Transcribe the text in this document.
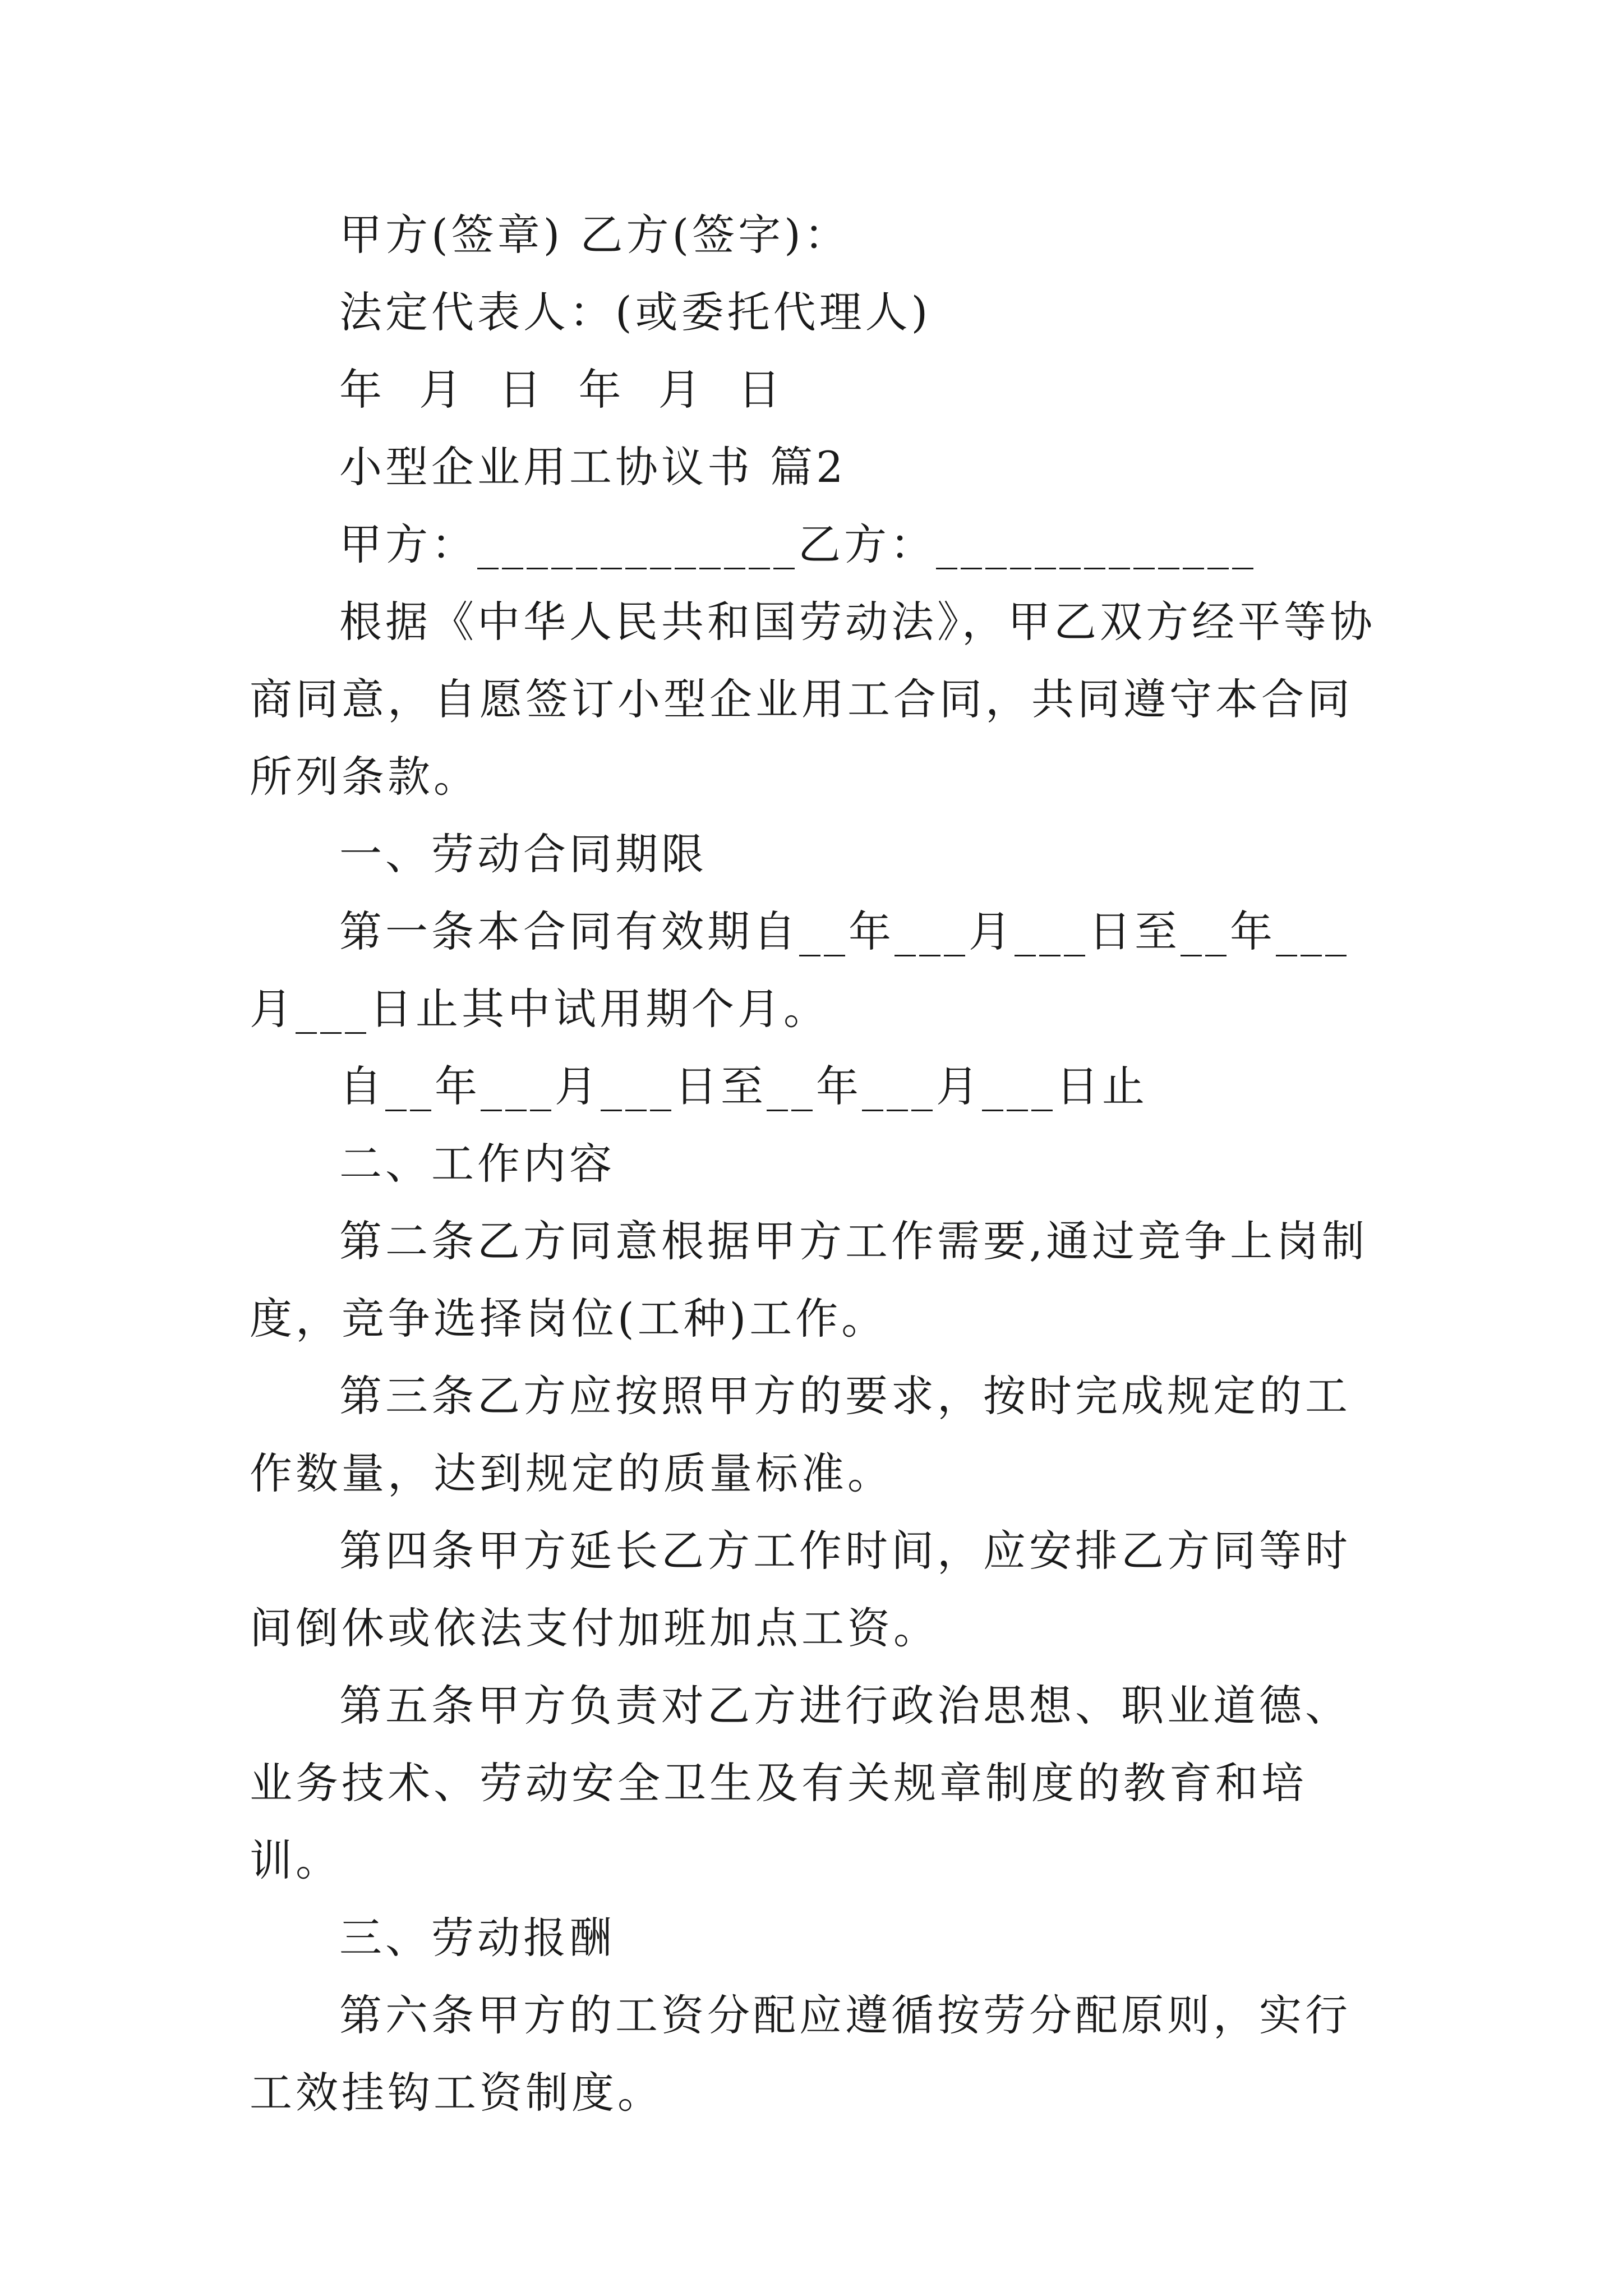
甲方(签章) 乙方(签字)：

法定代表人：(或委托代理人)

年 月 日 年 月 日

小型企业用工协议书 篇2

甲方：_____________乙方：_____________

根据《中华人民共和国劳动法》，甲乙双方经平等协商同意，自愿签订小型企业用工合同，共同遵守本合同所列条款。

一、劳动合同期限

第一条本合同有效期自__年___月___日至__年___月___日止其中试用期个月。

自__年___月___日至__年___月___日止

二、工作内容

第二条乙方同意根据甲方工作需要,通过竞争上岗制度，竞争选择岗位(工种)工作。

第三条乙方应按照甲方的要求，按时完成规定的工作数量，达到规定的质量标准。

第四条甲方延长乙方工作时间，应安排乙方同等时间倒休或依法支付加班加点工资。

第五条甲方负责对乙方进行政治思想、职业道德、业务技术、劳动安全卫生及有关规章制度的教育和培训。

三、劳动报酬

第六条甲方的工资分配应遵循按劳分配原则，实行工效挂钩工资制度。
